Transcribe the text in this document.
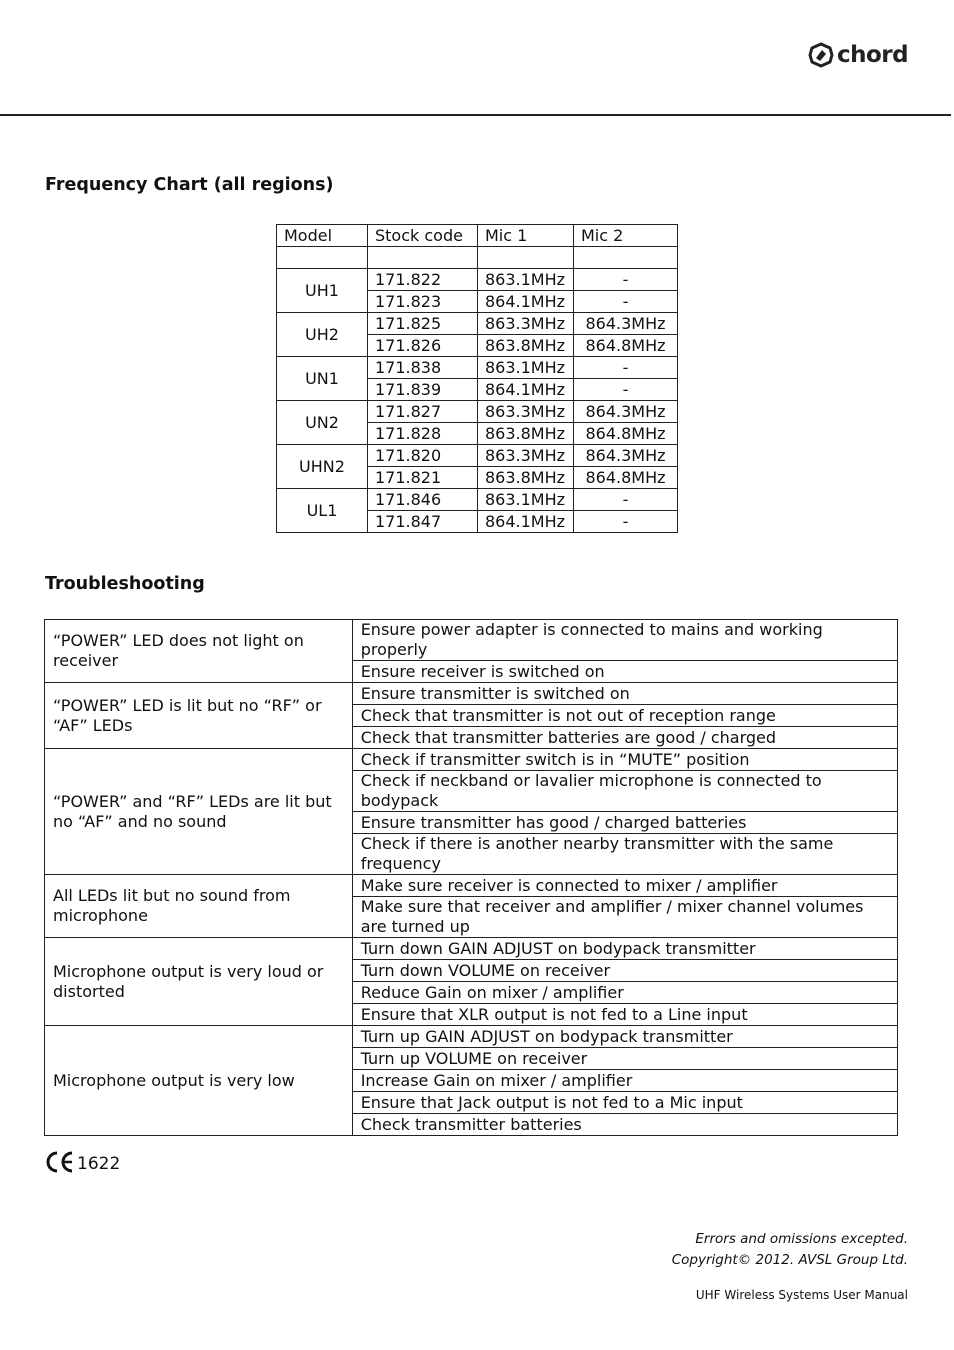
chord
Frequency Chart (all regions)
Model	Stock code	Mic 1	Mic 2

UH1	171.822	863.1MHz	-
	171.823	864.1MHz	-
UH2	171.825	863.3MHz	864.3MHz
	171.826	863.8MHz	864.8MHz
UN1	171.838	863.1MHz	-
	171.839	864.1MHz	-
UN2	171.827	863.3MHz	864.3MHz
	171.828	863.8MHz	864.8MHz
UHN2	171.820	863.3MHz	864.3MHz
	171.821	863.8MHz	864.8MHz
UL1	171.846	863.1MHz	-
	171.847	864.1MHz	-
Troubleshooting
“POWER” LED does not light on receiver	Ensure power adapter is connected to mains and working properly
	Ensure receiver is switched on
“POWER” LED is lit but no “RF” or “AF” LEDs	Ensure transmitter is switched on
	Check that transmitter is not out of reception range
	Check that transmitter batteries are good / charged
“POWER” and “RF” LEDs are lit but no “AF” and no sound	Check if transmitter switch is in “MUTE” position
	Check if neckband or lavalier microphone is connected to bodypack
	Ensure transmitter has good / charged batteries
	Check if there is another nearby transmitter with the same frequency
All LEDs lit but no sound from microphone	Make sure receiver is connected to mixer / amplifier
	Make sure that receiver and amplifier / mixer channel volumes are turned up
Microphone output is very loud or distorted	Turn down GAIN ADJUST on bodypack transmitter
	Turn down VOLUME on receiver
	Reduce Gain on mixer / amplifier
	Ensure that XLR output is not fed to a Line input
Microphone output is very low	Turn up GAIN ADJUST on bodypack transmitter
	Turn up VOLUME on receiver
	Increase Gain on mixer / amplifier
	Ensure that Jack output is not fed to a Mic input
	Check transmitter batteries
1622
Errors and omissions excepted.
Copyright© 2012. AVSL Group Ltd.
UHF Wireless Systems User Manual
